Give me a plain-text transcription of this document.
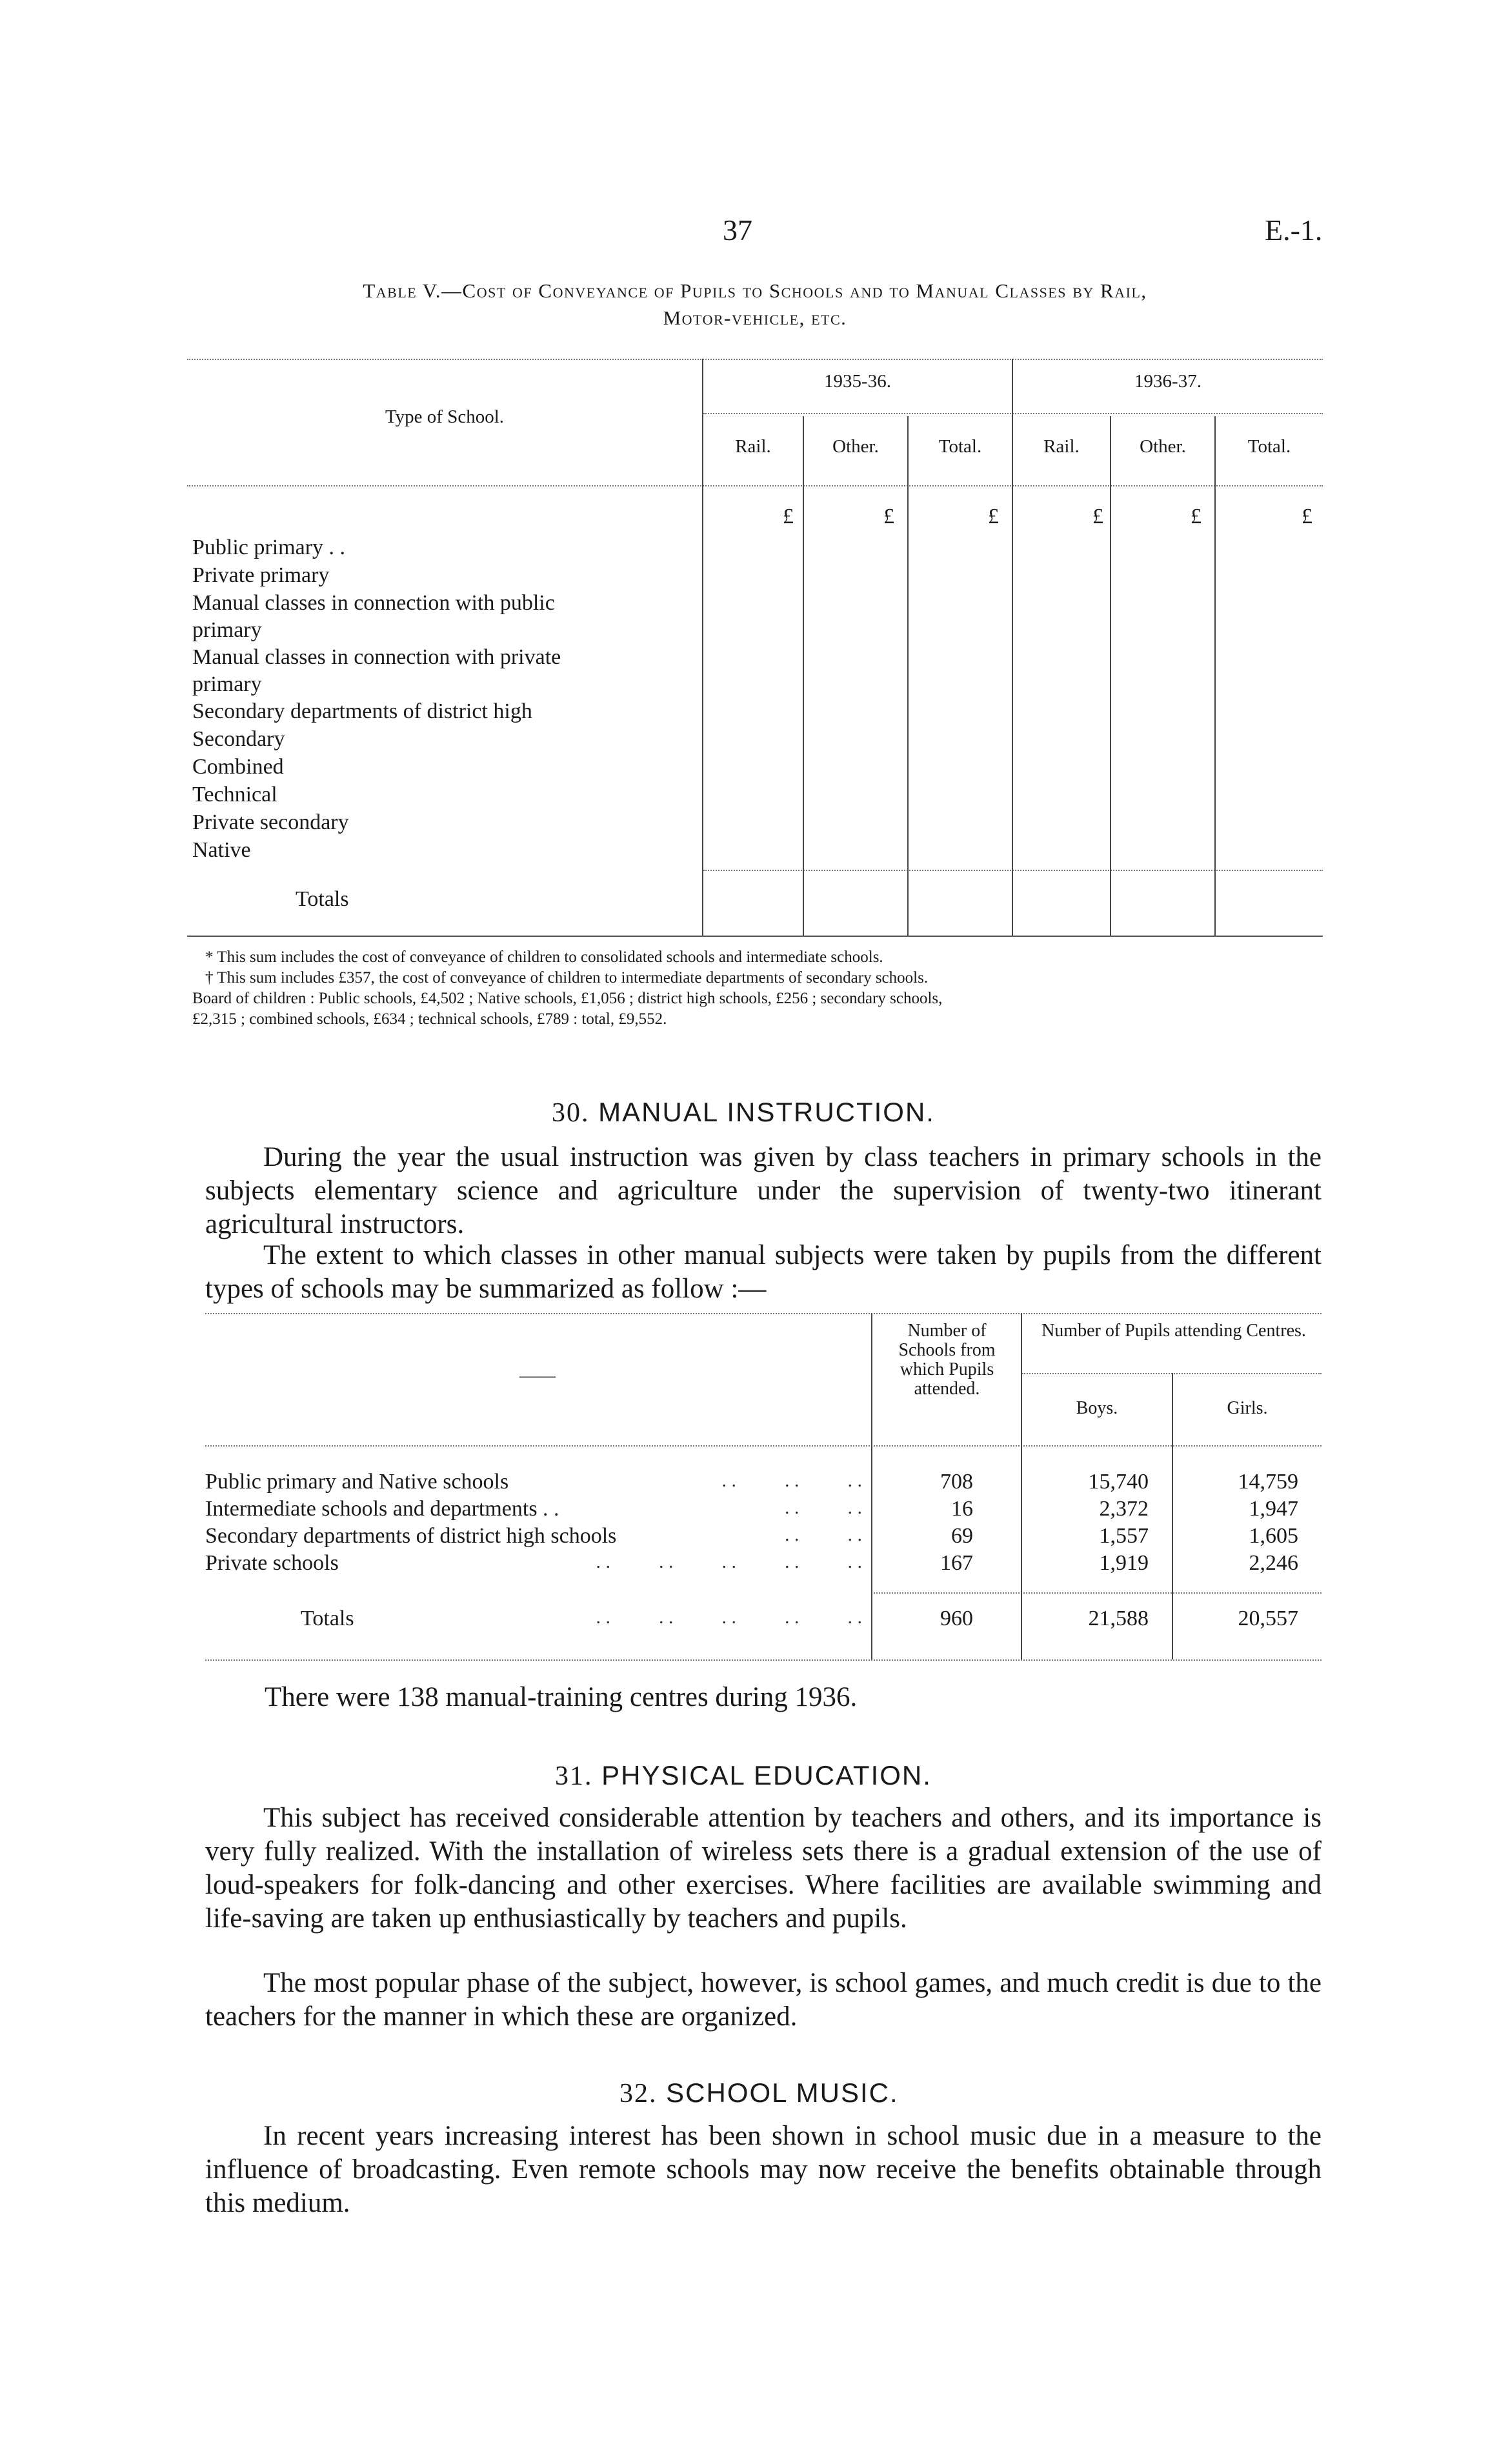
37	E.-1.
Table V.—Cost of Conveyance of Pupils to Schools and to Manual Classes by Rail,
Motor-vehicle, etc.
Type of School.
1935-36.	1936-37.
Rail.	Other.	Total.	Rail.	Other.	Total.
£	£	£	£	£	£
Public primary . .
Private primary
Manual classes in connection with public
primary
Manual classes in connection with private
primary
Secondary departments of district high
Secondary
Combined
Technical
Private secondary
Native
Totals
* This sum includes the cost of conveyance of children to consolidated schools and intermediate schools.
† This sum includes £357, the cost of conveyance of children to intermediate departments of secondary schools.
Board of children : Public schools, £4,502 ; Native schools, £1,056 ; district high schools, £256 ; secondary schools,
£2,315 ; combined schools, £634 ; technical schools, £789 : total, £9,552.
30. MANUAL INSTRUCTION.

During the year the usual instruction was given by class teachers in primary schools in the subjects elementary science and agriculture under the supervision of twenty-two itinerant agricultural instructors.

The extent to which classes in other manual subjects were taken by pupils from the different types of schools may be summarized as follow :—

——
Number of Schools from which Pupils attended.
Number of Pupils attending Centres.
Boys.	Girls.
Public primary and Native schools	. .          . .          . .	708	15,740	14,759
Intermediate schools and departments . .	. .          . .	16	2,372	1,947
Secondary departments of district high schools	. .          . .	69	1,557	1,605
Private schools	. .          . .          . .          . .          . .	167	1,919	2,246
Totals	. .          . .          . .          . .          . .	960	21,588	20,557

There were 138 manual-training centres during 1936.

31. PHYSICAL EDUCATION.

This subject has received considerable attention by teachers and others, and its importance is very fully realized. With the installation of wireless sets there is a gradual extension of the use of loud-speakers for folk-dancing and other exercises. Where facilities are available swimming and life-saving are taken up enthusiastically by teachers and pupils.

The most popular phase of the subject, however, is school games, and much credit is due to the teachers for the manner in which these are organized.

32. SCHOOL MUSIC.

In recent years increasing interest has been shown in school music due in a measure to the influence of broadcasting. Even remote schools may now receive the benefits obtainable through this medium.
